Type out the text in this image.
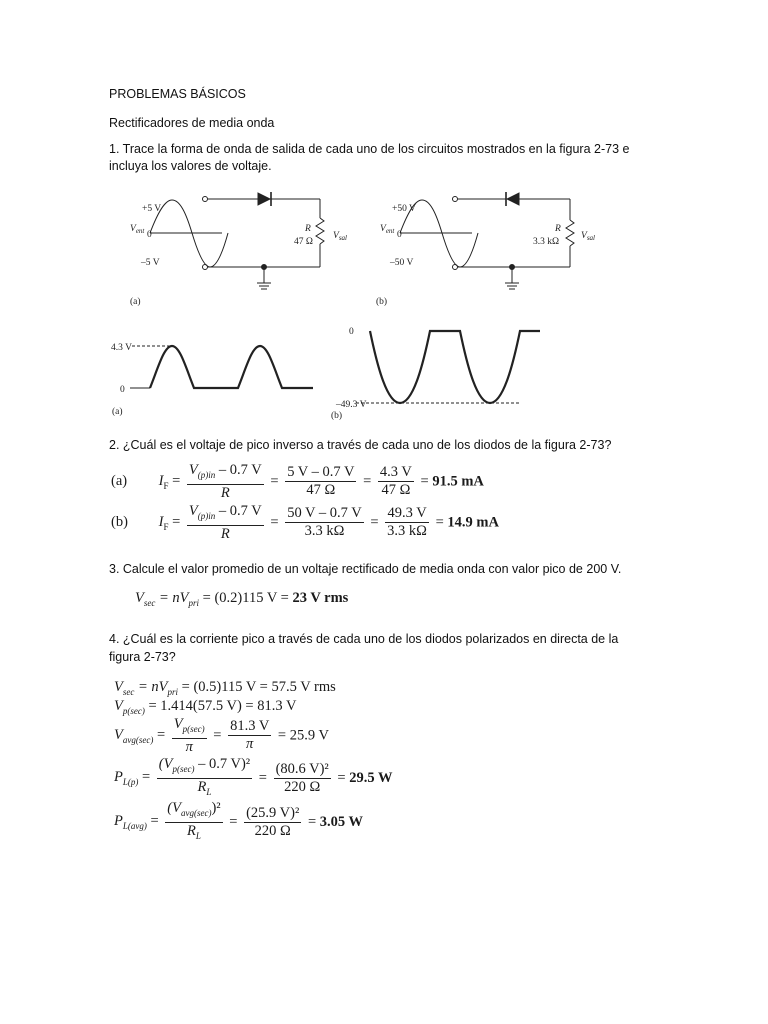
PROBLEMAS BÁSICOS
Rectificadores de media onda
1. Trace la forma de onda de salida de cada uno de los circuitos mostrados en la figura 2-73 e
incluya los valores de voltaje.
+5 V
$V_{ent}$ 0
–5 V
R
47 Ω
$V_{sal}$
(a)
+50 V
$V_{ent}$ 0
–50 V
R
3.3 kΩ
$V_{sal}$
(b)
4.3 V
0
(a)
0
–49.3 V
(b)
2. ¿Cuál es el voltaje de pico inverso a través de cada uno de los diodos de la figura 2-73?
(a) $I_F = \frac{V_{(p)in} - 0.7 V}{R} = \frac{5 V - 0.7 V}{47 \Omega} = \frac{4.3 V}{47 \Omega} = 91.5$ mA
(b) $I_F = \frac{V_{(p)in} - 0.7 V}{R} = \frac{50 V - 0.7 V}{3.3 k\Omega} = \frac{49.3 V}{3.3 k\Omega} = 14.9$ mA
3. Calcule el valor promedio de un voltaje rectificado de media onda con valor pico de 200 V.
$V_{sec} = nV_{pri} = (0.2)115$ V = 23 V rms
4. ¿Cuál es la corriente pico a través de cada uno de los diodos polarizados en directa de la
figura 2-73?
$V_{sec} = nV_{pri} = (0.5)115$ V = 57.5 V rms
$V_{p(sec)} = 1.414(57.5$ V) = 81.3 V
$V_{avg(sec)} = \frac{V_{p(sec)}}{\pi} = \frac{81.3 V}{\pi} = 25.9$ V
$P_{L(p)} = \frac{(V_{p(sec)} - 0.7 V)^2}{R_L} = \frac{\text{(80.6 V)²}}{220 \Omega} = 29.5$ W
$P_{L(avg)} = \frac{(V_{avg(sec)})^2}{R_L} = \frac{\text{(25.9 V)²}}{220 \Omega} = 3.05$ W
